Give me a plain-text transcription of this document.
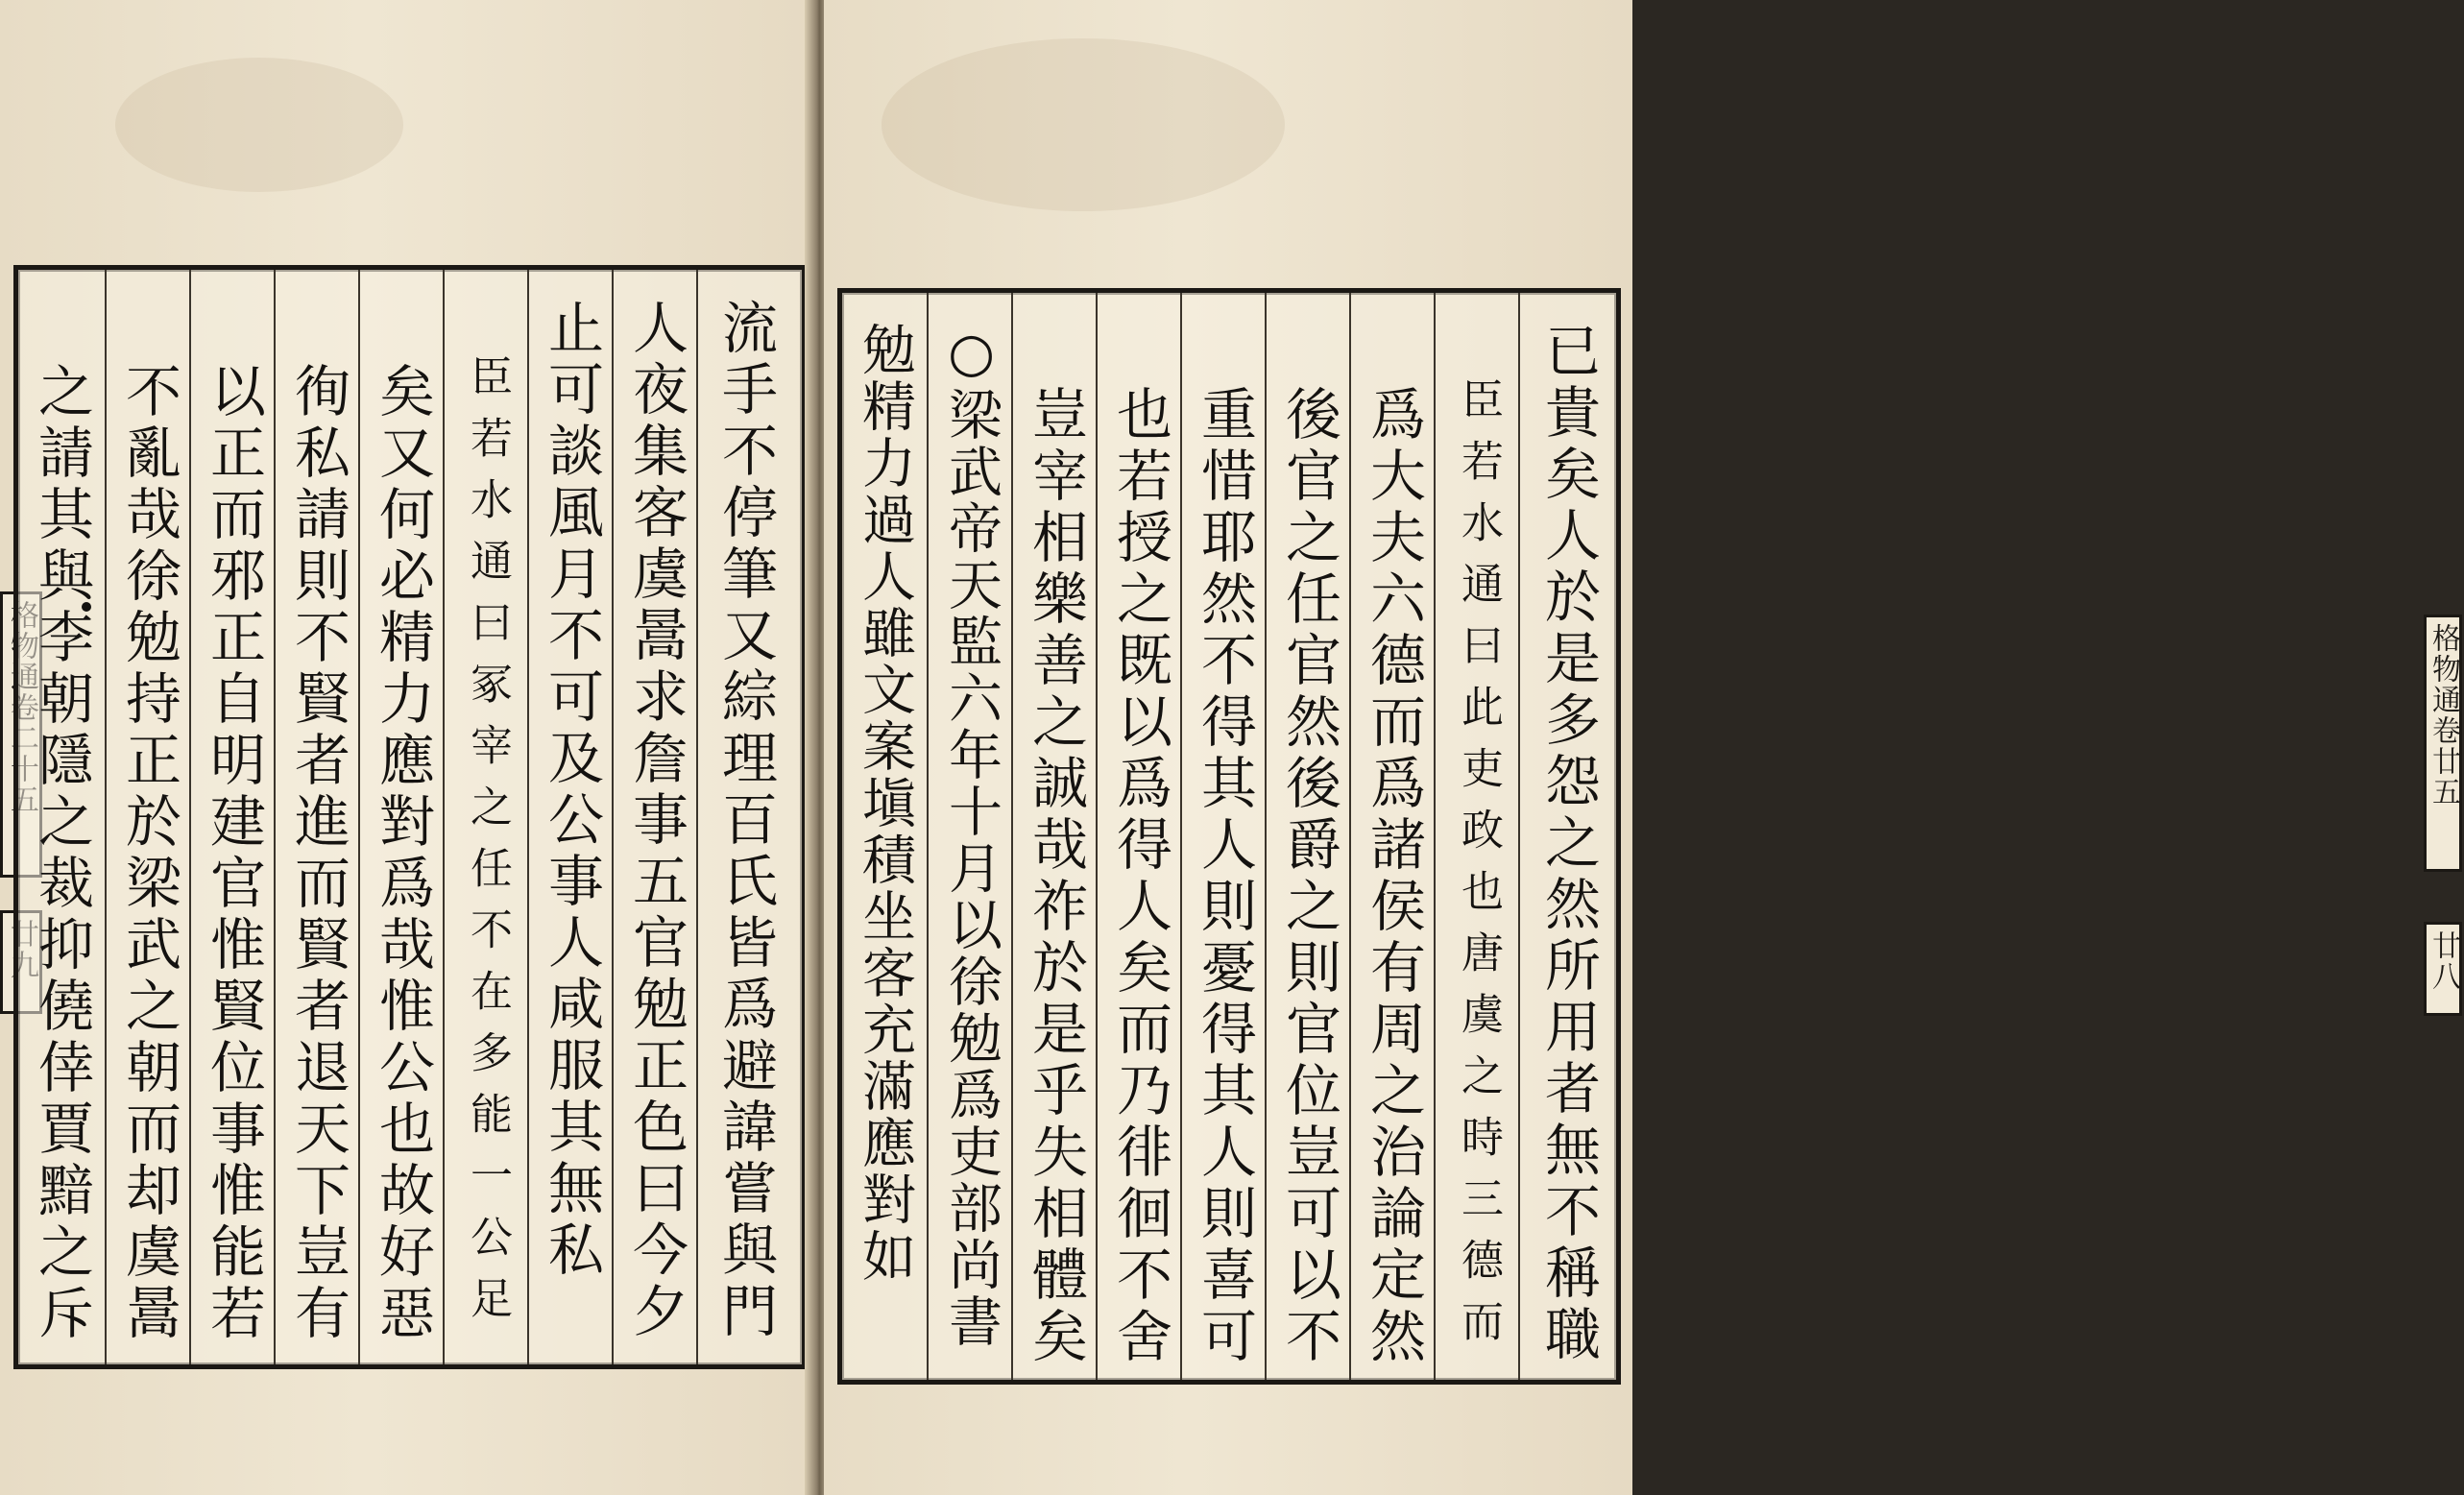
流手不停筆又綜理百氏皆爲避諱嘗與門
人夜集客虞暠求詹事五官勉正色曰今夕
止可談風月不可及公事人咸服其無私
臣若水通曰冢宰之任不在多能一公足
矣又何必精力應對爲哉惟公也故好惡
徇私請則不賢者進而賢者退天下豈有
以正而邪正自明建官惟賢位事惟能若
不亂哉徐勉持正於梁武之朝而却虞暠
之請其與李朝隱之裁抑僥倖賈黯之斥	格物通卷廿五
廿八
已貴矣人於是多怨之然所用者無不稱職
臣若水通曰此吏政也唐虞之時三德而
爲大夫六德而爲諸侯有周之治論定然
後官之任官然後爵之則官位豈可以不
重惜耶然不得其人則憂得其人則喜可
也若授之既以爲得人矣而乃徘徊不舍
豈宰相樂善之誠哉祚於是乎失相體矣
○梁武帝天監六年十月以徐勉爲吏部尚書
勉精力過人雖文案塡積坐客充滿應對如
